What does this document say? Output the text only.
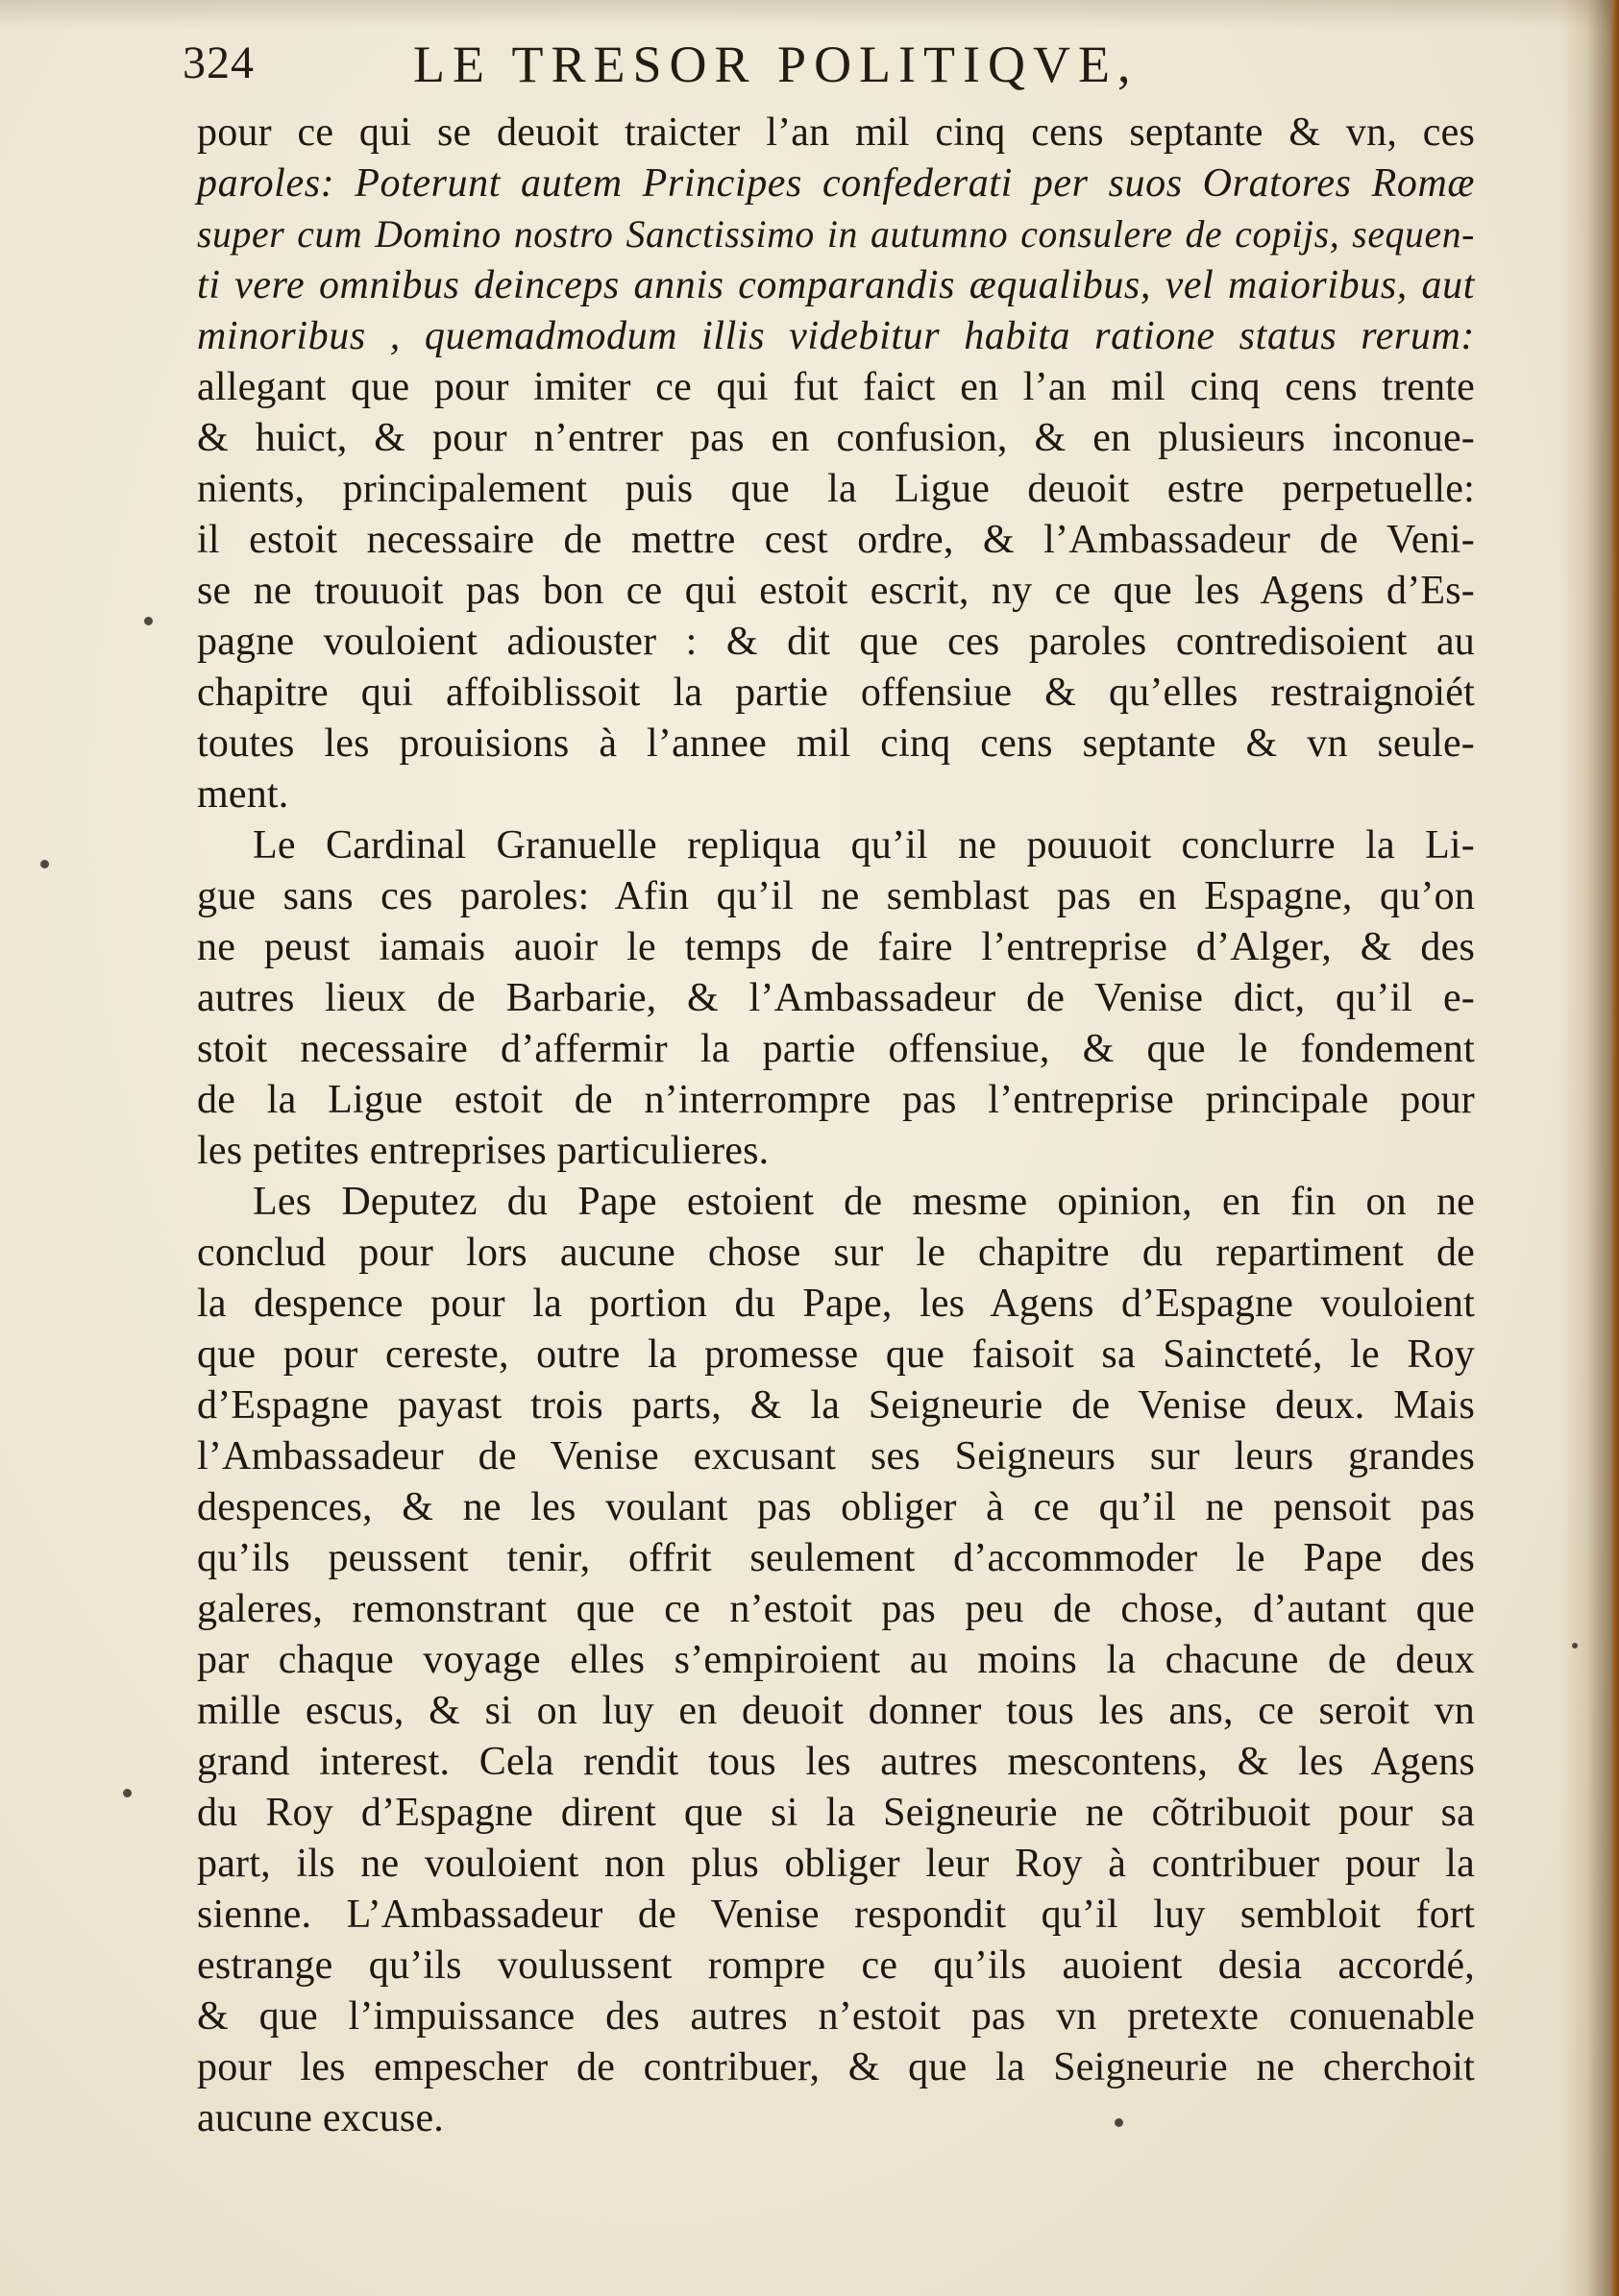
324	LE TRESOR POLITIQVE,
pour ce qui se deuoit traicter l’an mil cinq cens septante & vn, ces
paroles: Poterunt autem Principes confederati per suos Oratores Romæ
super cum Domino nostro Sanctissimo in autumno consulere de copijs, sequen-
ti vere omnibus deinceps annis comparandis æqualibus, vel maioribus, aut
minoribus , quemadmodum illis videbitur habita ratione status rerum:
allegant que pour imiter ce qui fut faict en l’an mil cinq cens trente
& huict, & pour n’entrer pas en confusion, & en plusieurs inconue-
nients, principalement puis que la Ligue deuoit estre perpetuelle:
il estoit necessaire de mettre cest ordre, & l’Ambassadeur de Veni-
se ne trouuoit pas bon ce qui estoit escrit, ny ce que les Agens d’Es-
pagne vouloient adiouster : & dit que ces paroles contredisoient au
chapitre qui affoiblissoit la partie offensiue & qu’elles restraignoiét
toutes les prouisions à l’annee mil cinq cens septante & vn seule-
ment.
Le Cardinal Granuelle repliqua qu’il ne pouuoit conclurre la Li-
gue sans ces paroles: Afin qu’il ne semblast pas en Espagne, qu’on
ne peust iamais auoir le temps de faire l’entreprise d’Alger, & des
autres lieux de Barbarie, & l’Ambassadeur de Venise dict, qu’il e-
stoit necessaire d’affermir la partie offensiue, & que le fondement
de la Ligue estoit de n’interrompre pas l’entreprise principale pour
les petites entreprises particulieres.
Les Deputez du Pape estoient de mesme opinion, en fin on ne
conclud pour lors aucune chose sur le chapitre du repartiment de
la despence pour la portion du Pape, les Agens d’Espagne vouloient
que pour cereste, outre la promesse que faisoit sa Saincteté, le Roy
d’Espagne payast trois parts, & la Seigneurie de Venise deux. Mais
l’Ambassadeur de Venise excusant ses Seigneurs sur leurs grandes
despences, & ne les voulant pas obliger à ce qu’il ne pensoit pas
qu’ils peussent tenir, offrit seulement d’accommoder le Pape des
galeres, remonstrant que ce n’estoit pas peu de chose, d’autant que
par chaque voyage elles s’empiroient au moins la chacune de deux
mille escus, & si on luy en deuoit donner tous les ans, ce seroit vn
grand interest. Cela rendit tous les autres mescontens, & les Agens
du Roy d’Espagne dirent que si la Seigneurie ne cõtribuoit pour sa
part, ils ne vouloient non plus obliger leur Roy à contribuer pour la
sienne. L’Ambassadeur de Venise respondit qu’il luy sembloit fort
estrange qu’ils voulussent rompre ce qu’ils auoient desia accordé,
& que l’impuissance des autres n’estoit pas vn pretexte conuenable
pour les empescher de contribuer, & que la Seigneurie ne cherchoit
aucune excuse.
